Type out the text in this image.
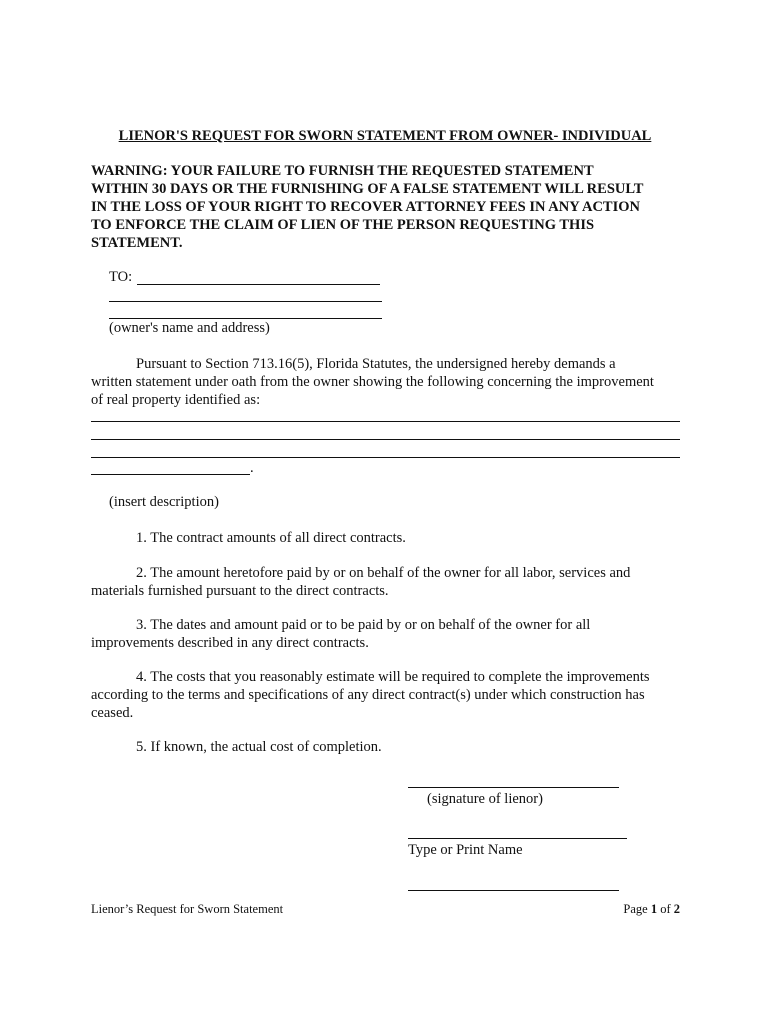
LIENOR'S REQUEST FOR SWORN STATEMENT FROM OWNER- INDIVIDUAL
WARNING: YOUR FAILURE TO FURNISH THE REQUESTED STATEMENT
WITHIN 30 DAYS OR THE FURNISHING OF A FALSE STATEMENT WILL RESULT
IN THE LOSS OF YOUR RIGHT TO RECOVER ATTORNEY FEES IN ANY ACTION
TO ENFORCE THE CLAIM OF LIEN OF THE PERSON REQUESTING THIS
STATEMENT.
TO:
(owner's name and address)
Pursuant to Section 713.16(5), Florida Statutes, the undersigned hereby demands a
written statement under oath from the owner showing the following concerning the improvement
of real property identified as:
.
(insert description)
1. The contract amounts of all direct contracts.
2. The amount heretofore paid by or on behalf of the owner for all labor, services and
materials furnished pursuant to the direct contracts.
3. The dates and amount paid or to be paid by or on behalf of the owner for all
improvements described in any direct contracts.
4. The costs that you reasonably estimate will be required to complete the improvements
according to the terms and specifications of any direct contract(s) under which construction has
ceased.
5. If known, the actual cost of completion.
(signature of lienor)
Type or Print Name
Lienor’s Request for Sworn Statement	Page 1 of 2
